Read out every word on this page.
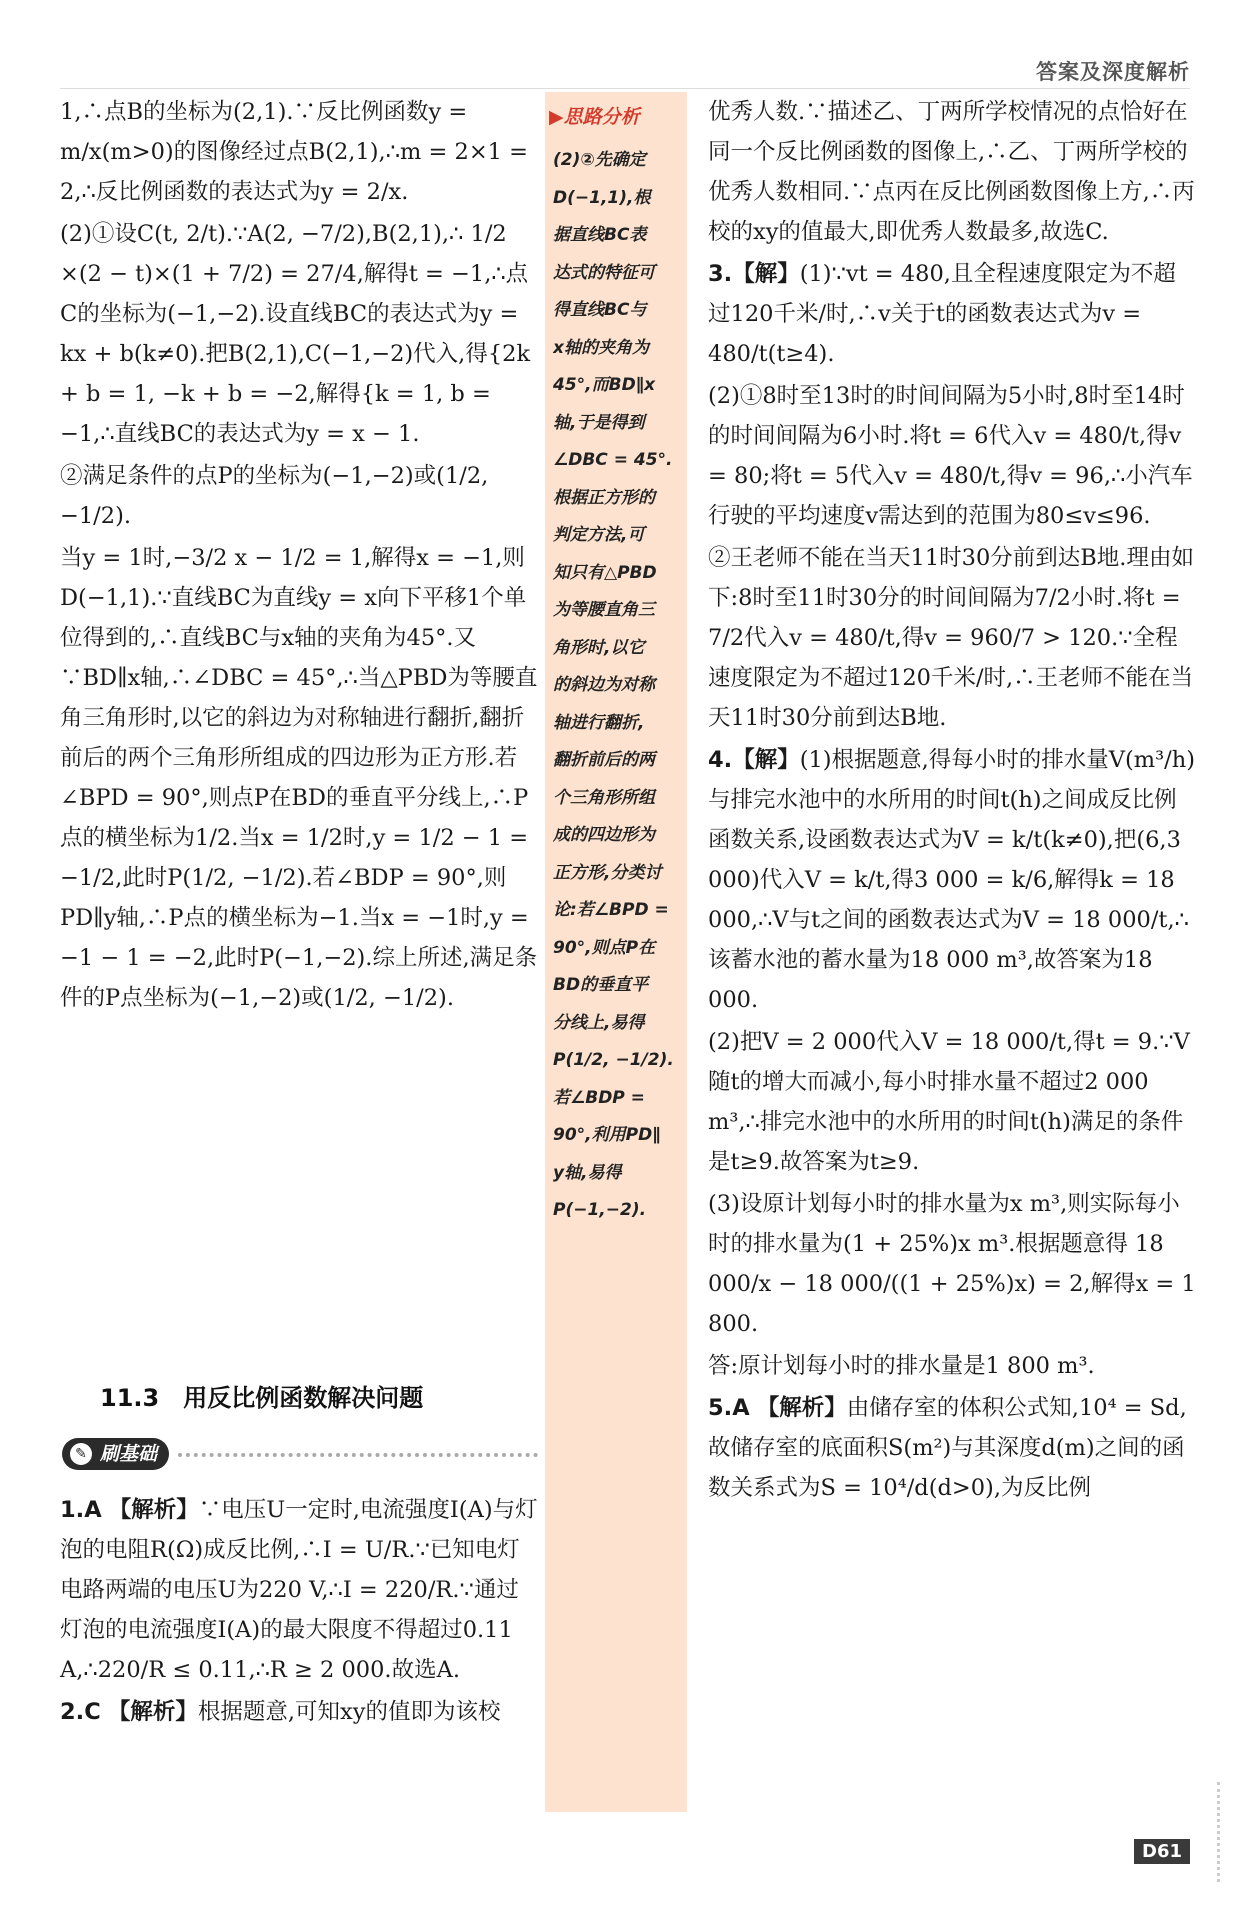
答案及深度解析

1,∴点B的坐标为(2,1).∵反比例函数y = m/x(m>0)的图像经过点B(2,1),∴m = 2×1 = 2,∴反比例函数的表达式为y = 2/x.

(2)①设C(t, 2/t).∵A(2, −7/2),B(2,1),∴ 1/2 ×(2 − t)×(1 + 7/2) = 27/4,解得t = −1,∴点C的坐标为(−1,−2).设直线BC的表达式为y = kx + b(k≠0).把B(2,1),C(−1,−2)代入,得{2k + b = 1, −k + b = −2,解得{k = 1, b = −1,∴直线BC的表达式为y = x − 1.

②满足条件的点P的坐标为(−1,−2)或(1/2, −1/2).

当y = 1时,−3/2 x − 1/2 = 1,解得x = −1,则D(−1,1).∵直线BC为直线y = x向下平移1个单位得到的,∴直线BC与x轴的夹角为45°.又∵BD∥x轴,∴∠DBC = 45°,∴当△PBD为等腰直角三角形时,以它的斜边为对称轴进行翻折,翻折前后的两个三角形所组成的四边形为正方形.若∠BPD = 90°,则点P在BD的垂直平分线上,∴P点的横坐标为1/2.当x = 1/2时,y = 1/2 − 1 = −1/2,此时P(1/2, −1/2).若∠BDP = 90°,则PD∥y轴,∴P点的横坐标为−1.当x = −1时,y = −1 − 1 = −2,此时P(−1,−2).综上所述,满足条件的P点坐标为(−1,−2)或(1/2, −1/2).

▶思路分析
(2)②先确定
D(−1,1),根
据直线BC表
达式的特征可
得直线BC与
x轴的夹角为
45°,而BD∥x
轴,于是得到
∠DBC = 45°.
根据正方形的
判定方法,可
知只有△PBD
为等腰直角三
角形时,以它
的斜边为对称
轴进行翻折,
翻折前后的两
个三角形所组
成的四边形为
正方形,分类讨
论:若∠BPD =
90°,则点P在
BD的垂直平
分线上,易得
P(1/2, −1/2).
若∠BDP =
90°,利用PD∥
y轴,易得
P(−1,−2).
11.3　用反比例函数解决问题
✎ 刷基础

1.A 【解析】∵电压U一定时,电流强度I(A)与灯泡的电阻R(Ω)成反比例,∴I = U/R.∵已知电灯电路两端的电压U为220 V,∴I = 220/R.∵通过灯泡的电流强度I(A)的最大限度不得超过0.11 A,∴220/R ≤ 0.11,∴R ≥ 2 000.故选A.

2.C 【解析】根据题意,可知xy的值即为该校

优秀人数.∵描述乙、丁两所学校情况的点恰好在同一个反比例函数的图像上,∴乙、丁两所学校的优秀人数相同.∵点丙在反比例函数图像上方,∴丙校的xy的值最大,即优秀人数最多,故选C.

3.【解】(1)∵vt = 480,且全程速度限定为不超过120千米/时,∴v关于t的函数表达式为v = 480/t(t≥4).

(2)①8时至13时的时间间隔为5小时,8时至14时的时间间隔为6小时.将t = 6代入v = 480/t,得v = 80;将t = 5代入v = 480/t,得v = 96,∴小汽车行驶的平均速度v需达到的范围为80≤v≤96.

②王老师不能在当天11时30分前到达B地.理由如下:8时至11时30分的时间间隔为7/2小时.将t = 7/2代入v = 480/t,得v = 960/7 > 120.∵全程速度限定为不超过120千米/时,∴王老师不能在当天11时30分前到达B地.

4.【解】(1)根据题意,得每小时的排水量V(m³/h)与排完水池中的水所用的时间t(h)之间成反比例函数关系,设函数表达式为V = k/t(k≠0),把(6,3 000)代入V = k/t,得3 000 = k/6,解得k = 18 000,∴V与t之间的函数表达式为V = 18 000/t,∴该蓄水池的蓄水量为18 000 m³,故答案为18 000.

(2)把V = 2 000代入V = 18 000/t,得t = 9.∵V随t的增大而减小,每小时排水量不超过2 000 m³,∴排完水池中的水所用的时间t(h)满足的条件是t≥9.故答案为t≥9.

(3)设原计划每小时的排水量为x m³,则实际每小时的排水量为(1 + 25%)x m³.根据题意得 18 000/x − 18 000/((1 + 25%)x) = 2,解得x = 1 800.

答:原计划每小时的排水量是1 800 m³.

5.A 【解析】由储存室的体积公式知,10⁴ = Sd,故储存室的底面积S(m²)与其深度d(m)之间的函数关系式为S = 10⁴/d(d>0),为反比例

D61
